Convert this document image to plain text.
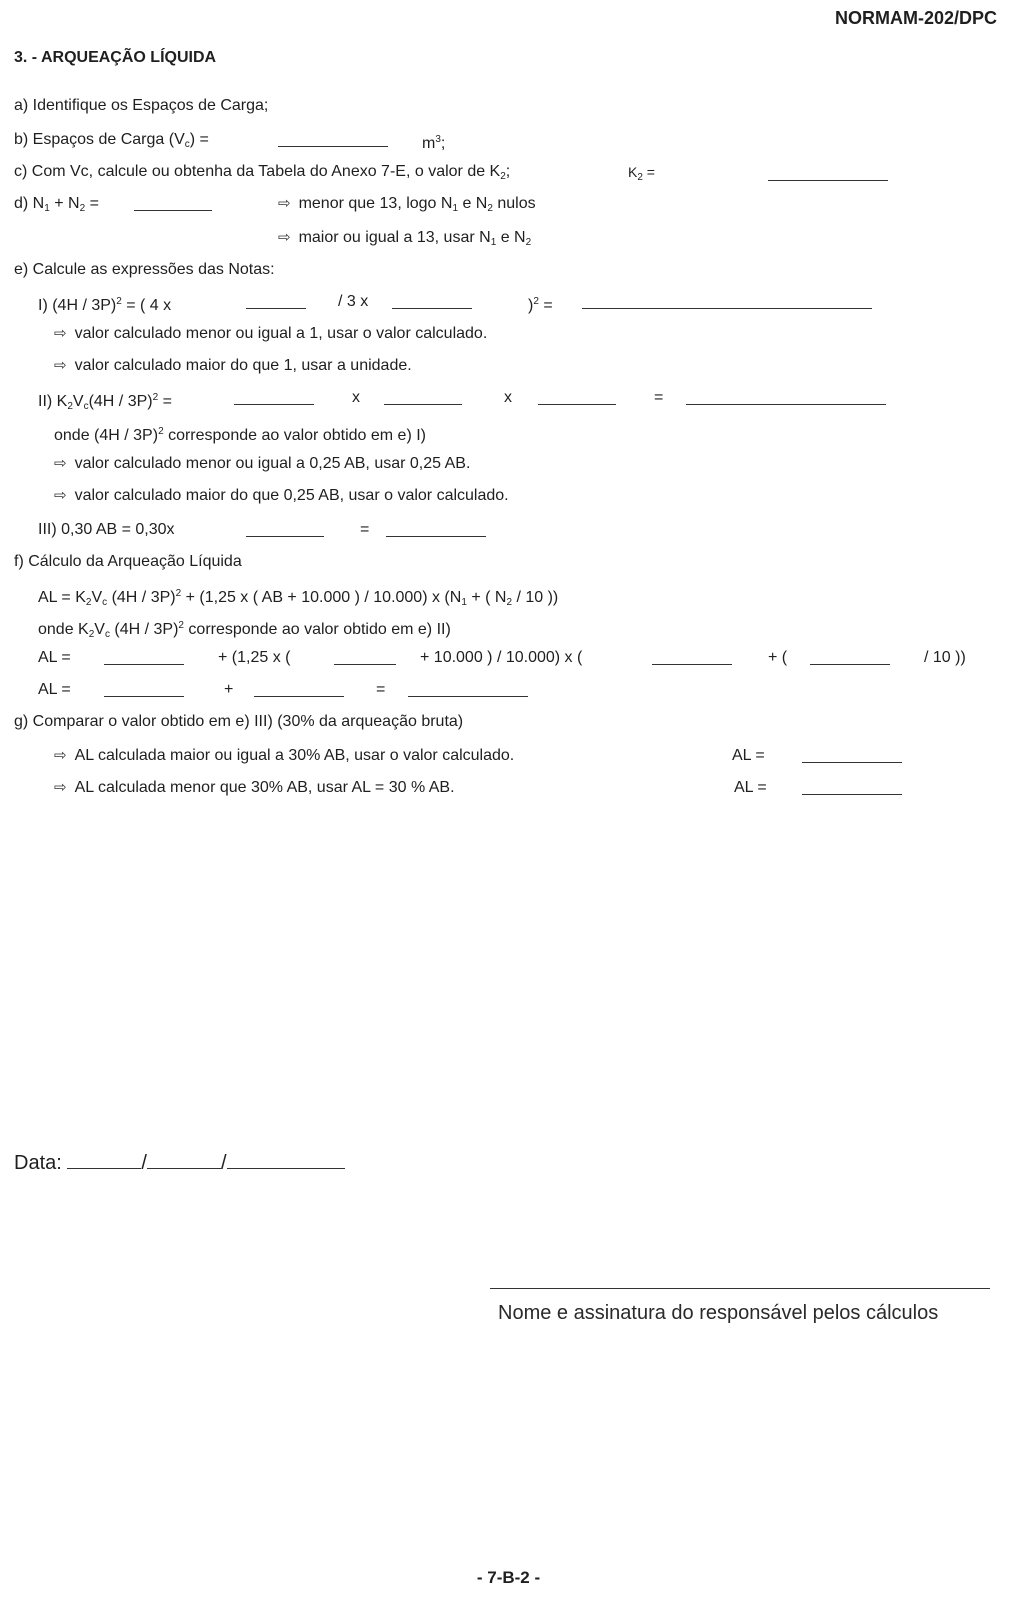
NORMAM-202/DPC
3. - ARQUEAÇÃO LÍQUIDA
a) Identifique os Espaços de Carga;
b) Espaços de Carga $(V_c)$ =	$m^3$;
c) Com Vc, calcule ou obtenha da Tabela do Anexo 7-E, o valor de $K_2$;	$K_2$ =
d) $N_1 + N_2$ =	⇨ menor que 13, logo $N_1$ e $N_2$ nulos
⇨ maior ou igual a 13, usar $N_1$ e $N_2$
e) Calcule as expressões das Notas:
I) (4H / 3P)$^2$ = ( 4 x	/ 3 x	)$^2$ =
⇨ valor calculado menor ou igual a 1, usar o valor calculado.
⇨ valor calculado maior do que 1, usar a unidade.
II) $K_2V_c(4H / 3P)^2$ =	x	x	=
onde (4H / 3P)$^2$ corresponde ao valor obtido em e) I)
⇨ valor calculado menor ou igual a 0,25 AB, usar 0,25 AB.
⇨ valor calculado maior do que 0,25 AB, usar o valor calculado.
III) 0,30 AB = 0,30x	=
f) Cálculo da Arqueação Líquida
AL = $K_2V_c$ (4H / 3P)$^2$ + (1,25 x ( AB + 10.000 ) / 10.000) x ($N_1$ + ( $N_2 / 10$ ))
onde $K_2V_c$ (4H / 3P)$^2$ corresponde ao valor obtido em e) II)
AL =	+ (1,25 x (	+ 10.000 ) / 10.000) x (	+ (	/ 10 ))
AL =	+	=
g) Comparar o valor obtido em e) III) (30% da arqueação bruta)
⇨ AL calculada maior ou igual a 30% AB, usar o valor calculado.	AL =
⇨ AL calculada menor que 30% AB, usar AL = 30 % AB.	AL =
Data:	/	/
Nome e assinatura do responsável pelos cálculos
- 7-B-2 -
